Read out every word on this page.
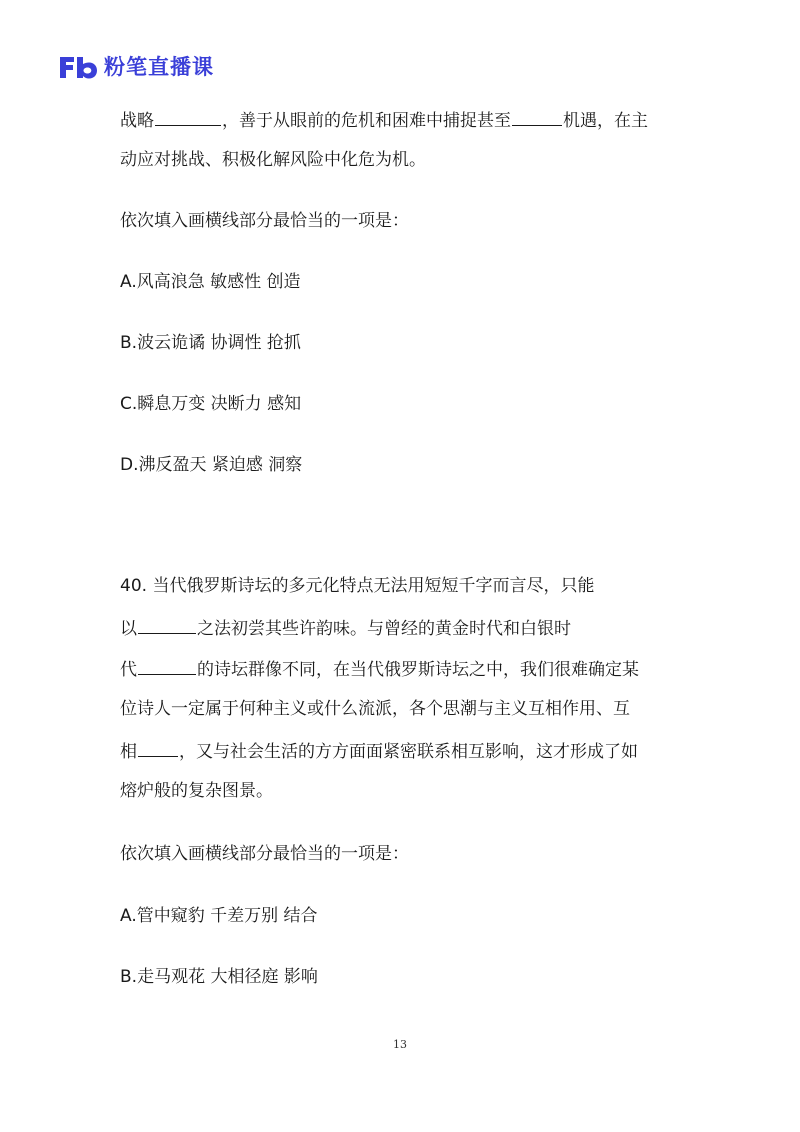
粉笔直播课
战略	，善于从眼前的危机和困难中捕捉甚至	机遇，在主
动应对挑战、积极化解风险中化危为机。
依次填入画横线部分最恰当的一项是：
A.风高浪急 敏感性 创造
B.波云诡谲 协调性 抢抓
C.瞬息万变 决断力 感知
D.沸反盈天 紧迫感 洞察
40. 当代俄罗斯诗坛的多元化特点无法用短短千字而言尽，只能
以	之法初尝其些许韵味。与曾经的黄金时代和白银时
代	的诗坛群像不同，在当代俄罗斯诗坛之中，我们很难确定某
位诗人一定属于何种主义或什么流派，各个思潮与主义互相作用、互
相 ，又与社会生活的方方面面紧密联系相互影响，这才形成了如
熔炉般的复杂图景。
依次填入画横线部分最恰当的一项是：
A.管中窥豹 千差万别 结合
B.走马观花 大相径庭 影响
13
